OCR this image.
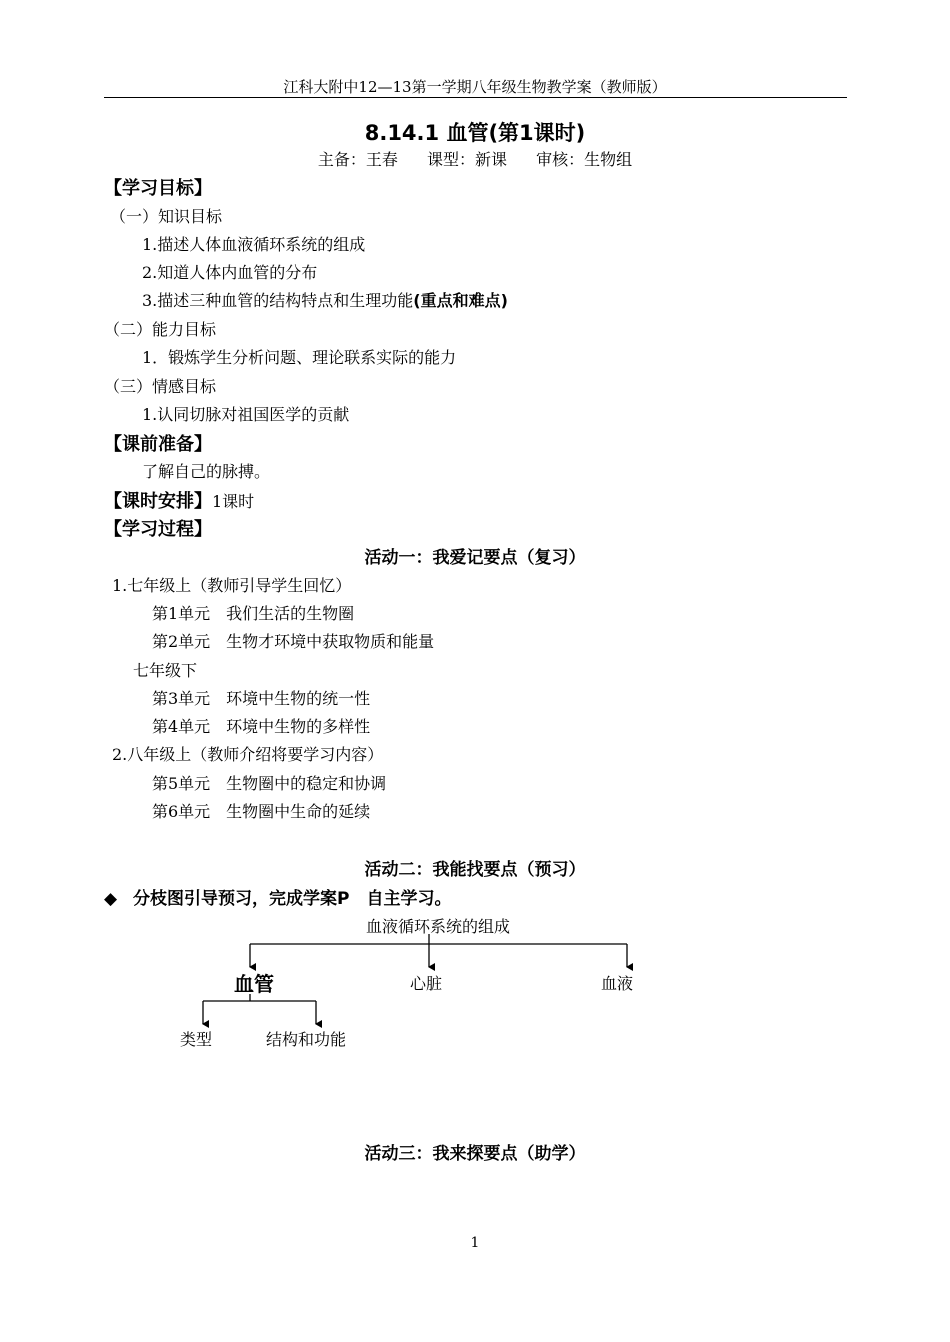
江科大附中12—13第一学期八年级生物教学案（教师版）
8.14.1 血管(第1课时)
主备：王春 课型：新课 审核：生物组
【学习目标】
（一）知识目标
1.描述人体血液循环系统的组成
2.知道人体内血管的分布
3.描述三种血管的结构特点和生理功能(重点和难点)
（二）能力目标
1．锻炼学生分析问题、理论联系实际的能力
（三）情感目标
1.认同切脉对祖国医学的贡献
【课前准备】
了解自己的脉搏。
【课时安排】1课时
【学习过程】
活动一：我爱记要点（复习）
1.七年级上（教师引导学生回忆）
第1单元　我们生活的生物圈
第2单元　生物才环境中获取物质和能量
七年级下
第3单元　环境中生物的统一性
第4单元　环境中生物的多样性
2.八年级上（教师介绍将要学习内容）
第5单元　生物圈中的稳定和协调
第6单元　生物圈中生命的延续
活动二：我能找要点（预习）
◆ 分枝图引导预习，完成学案P　自主学习。
血液循环系统的组成
血管	心脏	血液
类型	结构和功能
活动三：我来探要点（助学）
1
